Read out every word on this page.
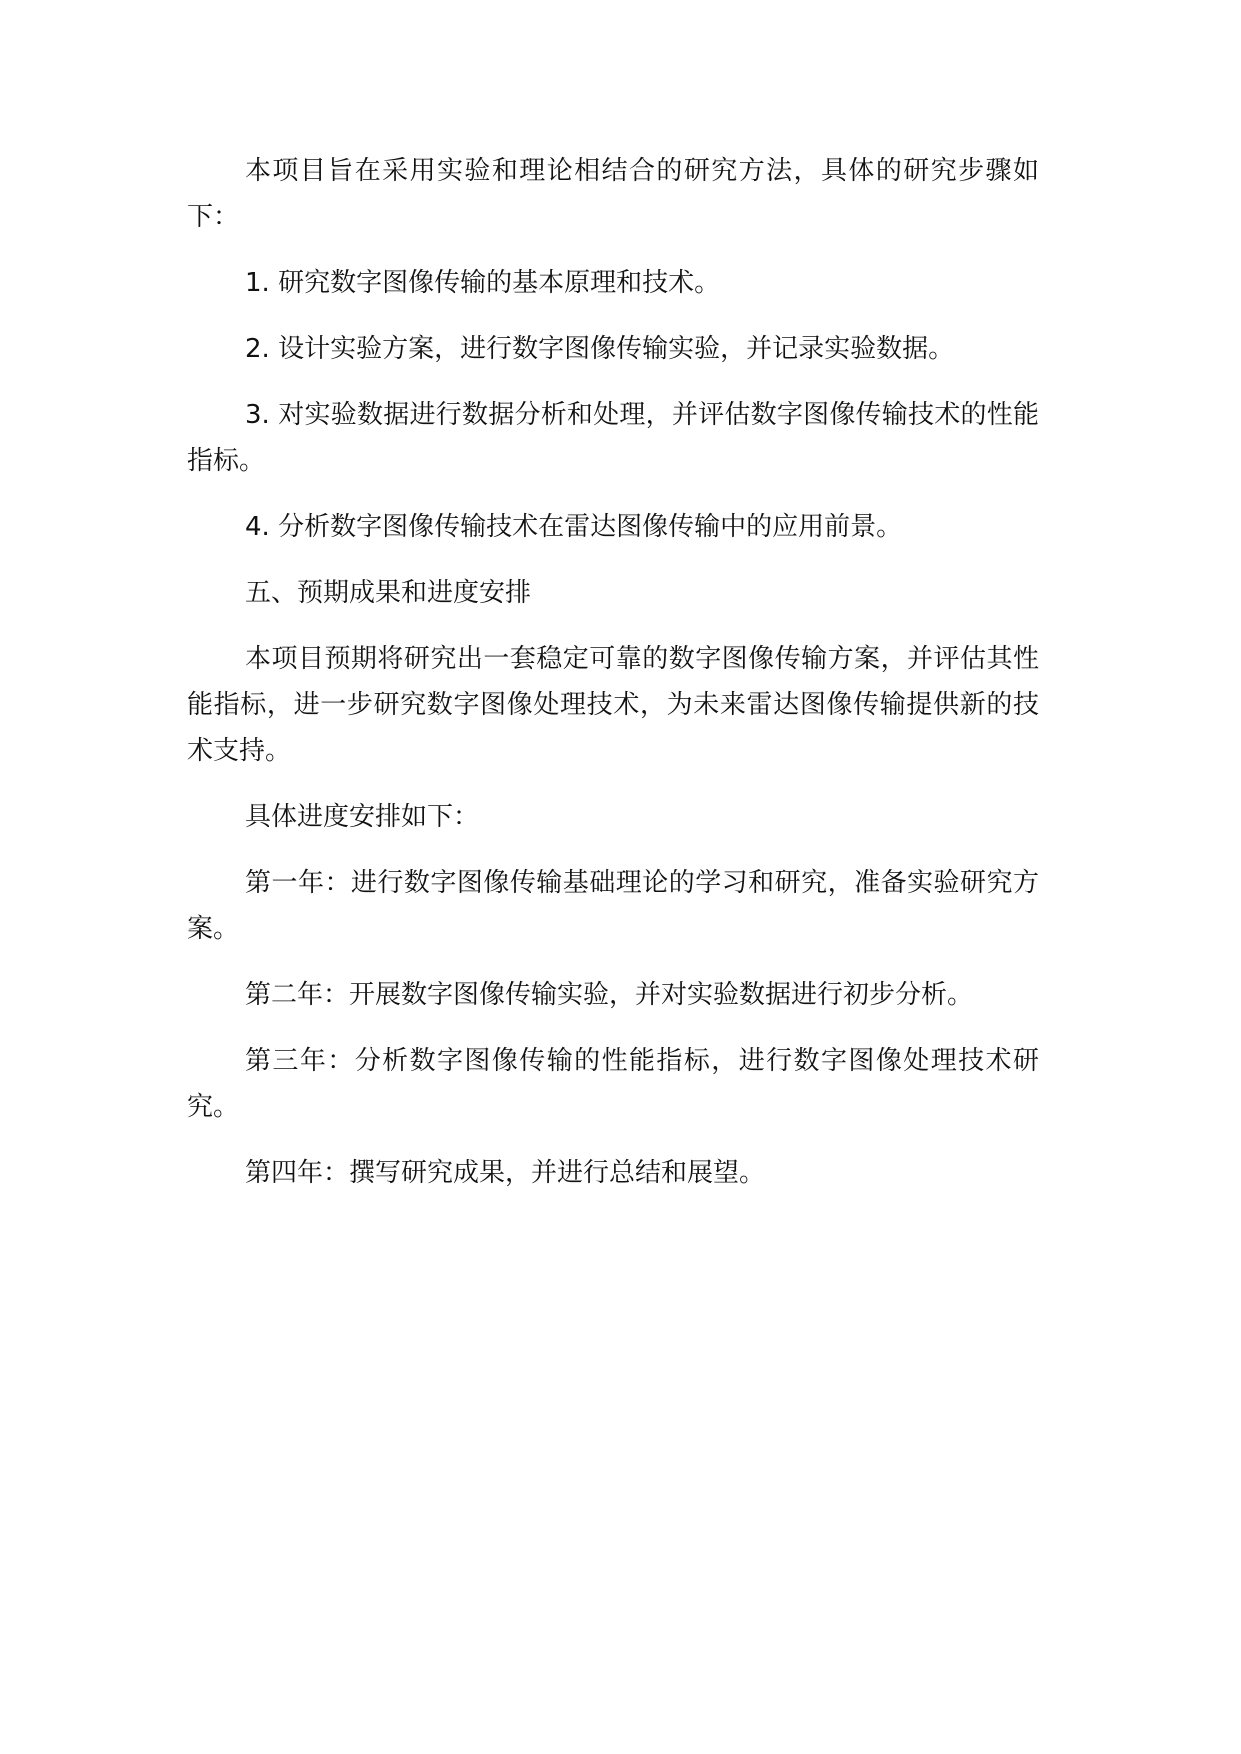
本项目旨在采用实验和理论相结合的研究方法，具体的研究步骤如下：

1. 研究数字图像传输的基本原理和技术。

2. 设计实验方案，进行数字图像传输实验，并记录实验数据。

3. 对实验数据进行数据分析和处理，并评估数字图像传输技术的性能指标。

4. 分析数字图像传输技术在雷达图像传输中的应用前景。

五、预期成果和进度安排

本项目预期将研究出一套稳定可靠的数字图像传输方案，并评估其性能指标，进一步研究数字图像处理技术，为未来雷达图像传输提供新的技术支持。

具体进度安排如下：

第一年：进行数字图像传输基础理论的学习和研究，准备实验研究方案。

第二年：开展数字图像传输实验，并对实验数据进行初步分析。

第三年：分析数字图像传输的性能指标，进行数字图像处理技术研究。

第四年：撰写研究成果，并进行总结和展望。
